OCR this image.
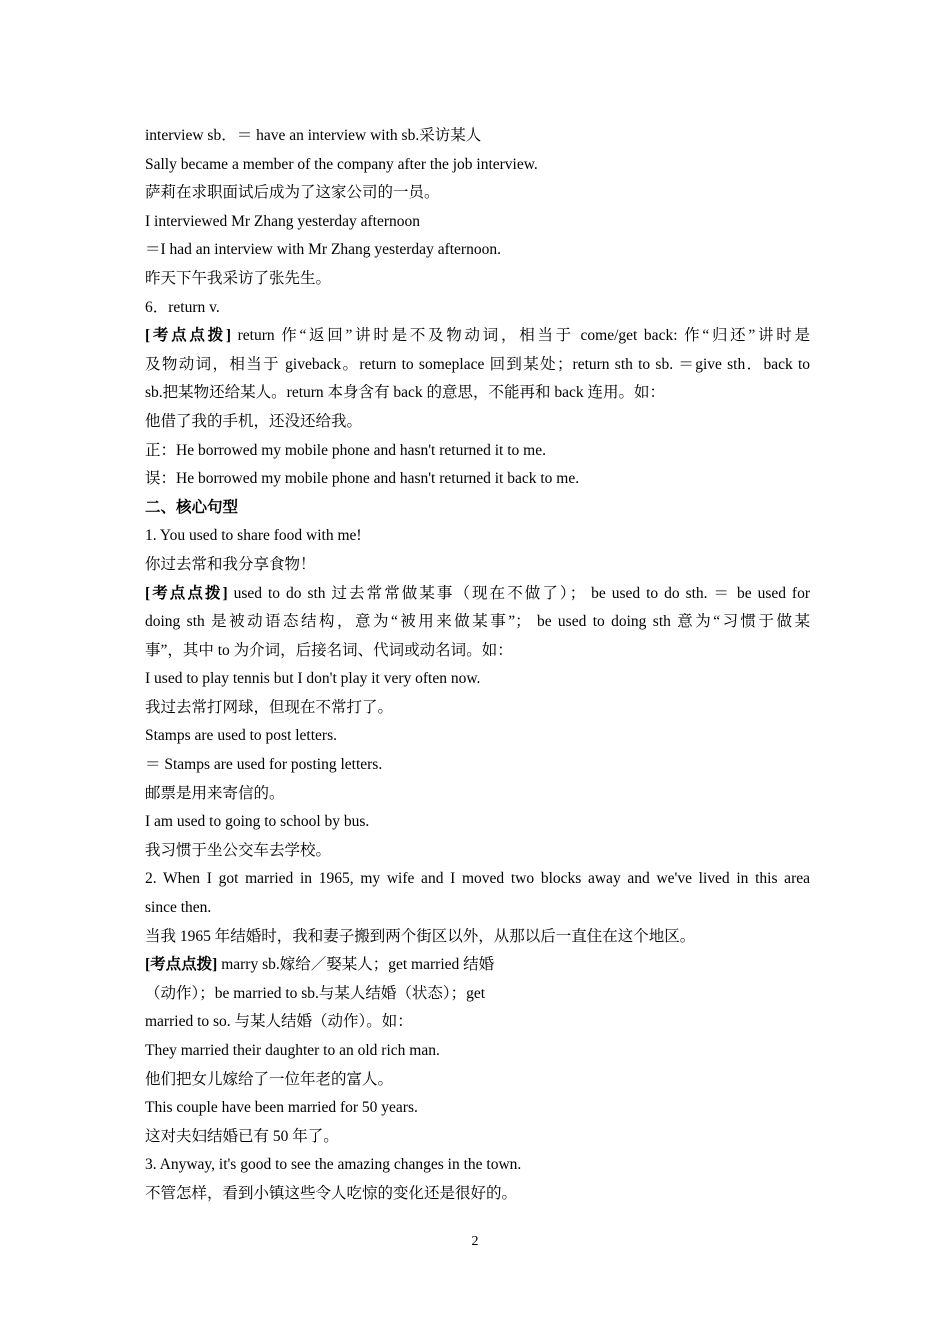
interview sb．＝ have an interview with sb.采访某人
Sally became a member of the company after the job interview.
萨莉在求职面试后成为了这家公司的一员。
I interviewed Mr Zhang yesterday afternoon
＝I had an interview with Mr Zhang yesterday afternoon.
昨天下午我采访了张先生。
6．return v.
[考点点拨] return 作“返回”讲时是不及物动词，相当于 come/get back: 作“归还”讲时是
及物动词，相当于 giveback。return to someplace 回到某处；return sth to sb. ＝give sth．back to
sb.把某物还给某人。return 本身含有 back 的意思，不能再和 back 连用。如：
他借了我的手机，还没还给我。
正：He borrowed my mobile phone and hasn't returned it to me.
误：He borrowed my mobile phone and hasn't returned it back to me.
二、核心句型
1. You used to share food with me!
你过去常和我分享食物！
[考点点拨] used to do sth 过去常常做某事（现在不做了）； be used to do sth. ＝ be used for
doing sth 是被动语态结构，意为“被用来做某事”； be used to doing sth 意为“习惯于做某
事”，其中 to 为介词，后接名词、代词或动名词。如：
I used to play tennis but I don't play it very often now.
我过去常打网球，但现在不常打了。
Stamps are used to post letters.
＝ Stamps are used for posting letters.
邮票是用来寄信的。
I am used to going to school by bus.
我习惯于坐公交车去学校。
2. When I got married in 1965, my wife and I moved two blocks away and we've lived in this area
since then.
当我 1965 年结婚时，我和妻子搬到两个街区以外，从那以后一直住在这个地区。
[考点点拨] marry sb.嫁给／娶某人；get married 结婚
（动作）；be married to sb.与某人结婚（状态）；get
married to so. 与某人结婚（动作）。如：
They married their daughter to an old rich man.
他们把女儿嫁给了一位年老的富人。
This couple have been married for 50 years.
这对夫妇结婚已有 50 年了。
3. Anyway, it's good to see the amazing changes in the town.
不管怎样，看到小镇这些令人吃惊的变化还是很好的。
2
